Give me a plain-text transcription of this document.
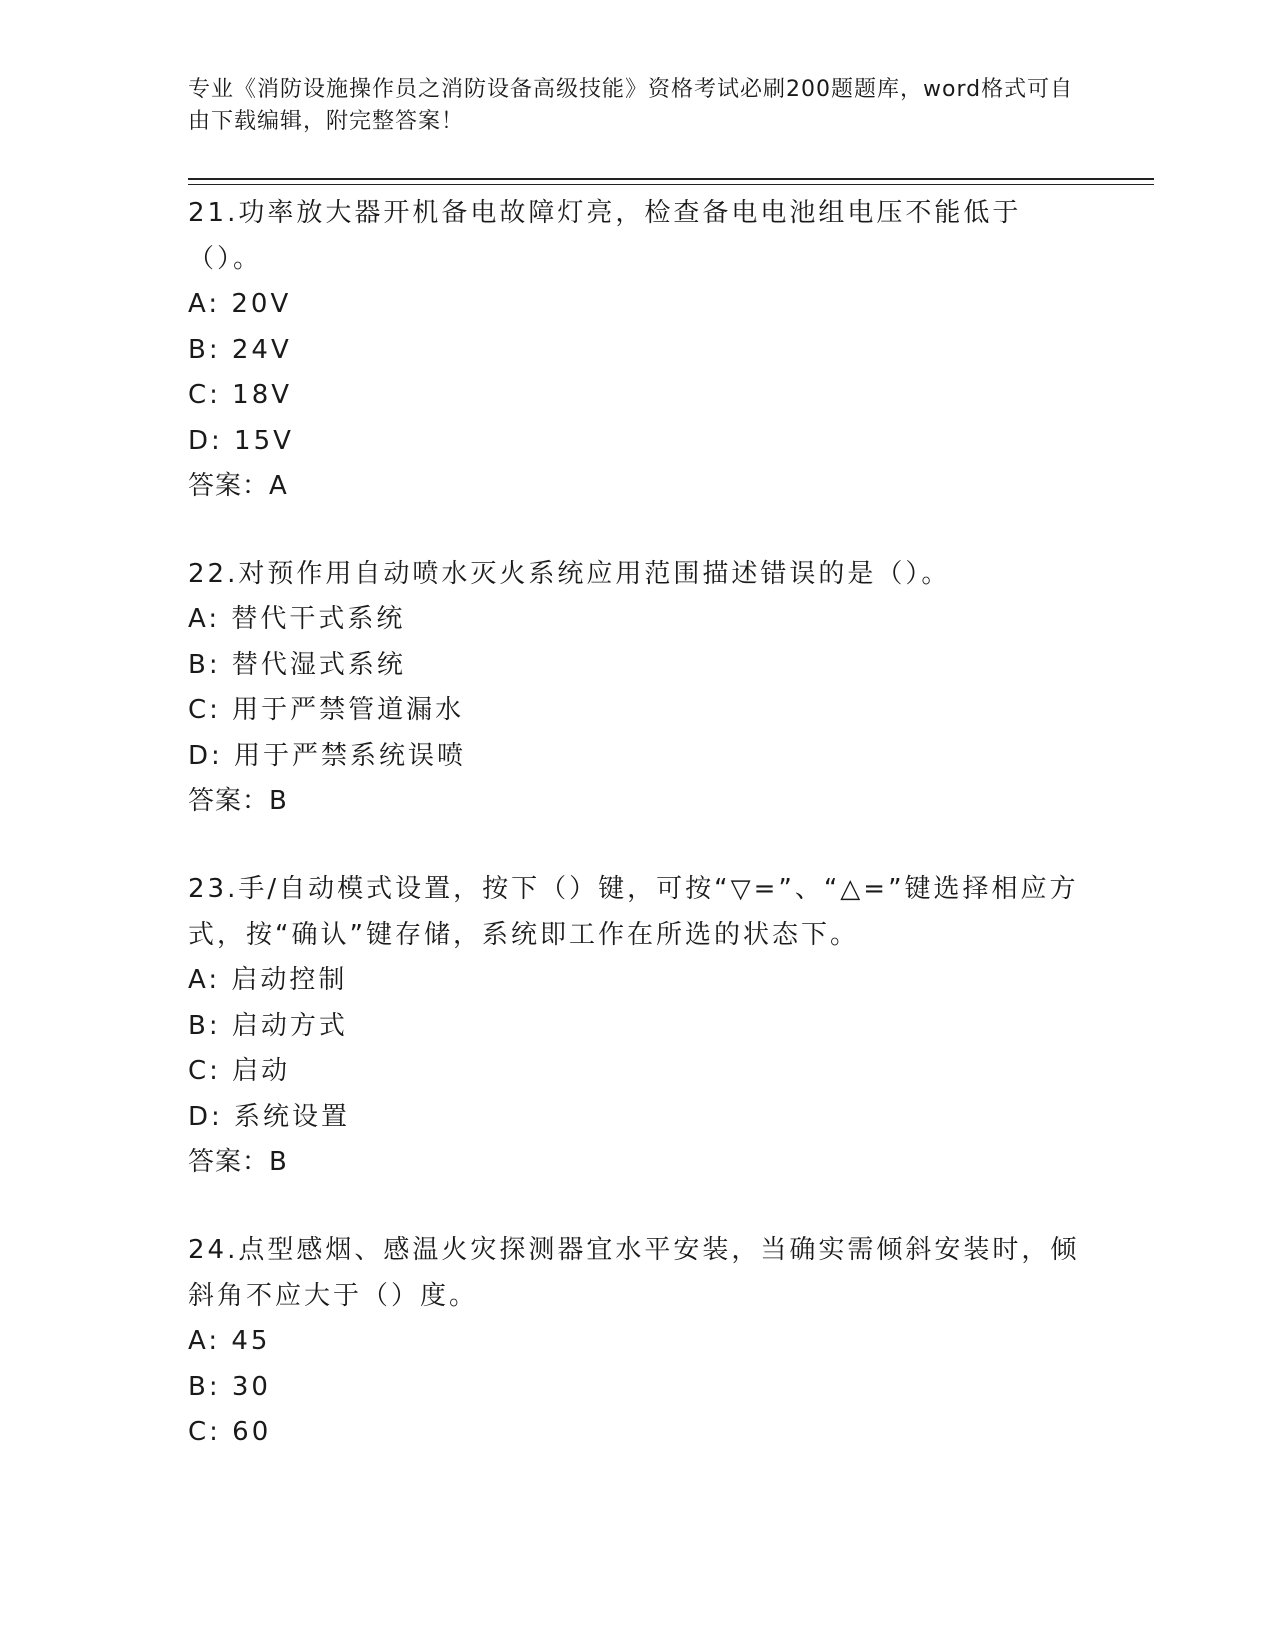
专业《消防设施操作员之消防设备高级技能》资格考试必刷200题题库，word格式可自由下载编辑，附完整答案！

21.功率放大器开机备电故障灯亮，检查备电电池组电压不能低于（）。

A: 20V
B: 24V
C: 18V
D: 15V
答案：A

22.对预作用自动喷水灭火系统应用范围描述错误的是（）。

A: 替代干式系统
B: 替代湿式系统
C: 用于严禁管道漏水
D: 用于严禁系统误喷
答案：B

23.手/自动模式设置，按下（）键，可按“▽=”、“△=”键选择相应方式，按“确认”键存储，系统即工作在所选的状态下。

A: 启动控制
B: 启动方式
C: 启动
D: 系统设置
答案：B

24.点型感烟、感温火灾探测器宜水平安装，当确实需倾斜安装时，倾斜角不应大于（）度。

A: 45
B: 30
C: 60
